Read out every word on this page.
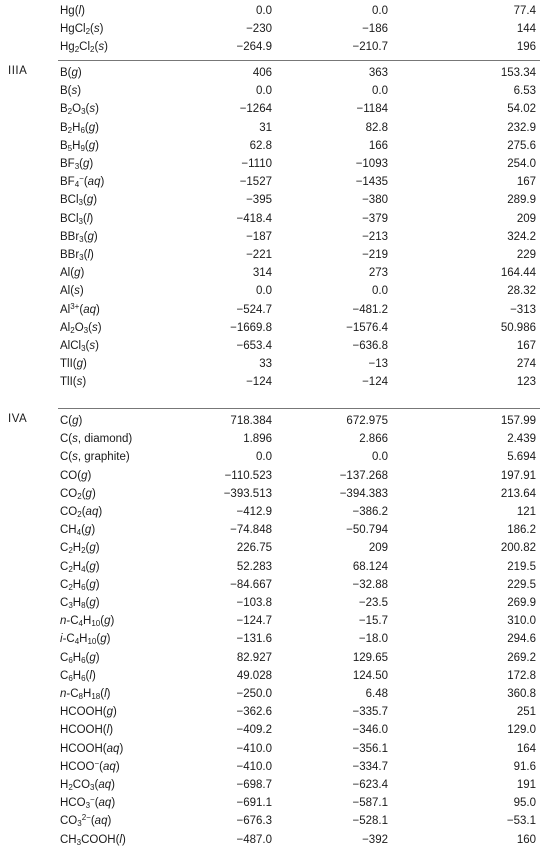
Hg(l)	0.0	0.0	77.4
HgCl$_2$(s)	−230	−186	144
$Hg_2Cl_2(s)$	−264.9	−210.7	196
IIIA	B(g)	406	363	153.34
B(s)	0.0	0.0	6.53
$B_2O_3(s)$	−1264	−1184	54.02
$B_2H_6(g)$	31	82.8	232.9
$B_5H_9(g)$	62.8	166	275.6
$BF_3(g)$	−1110	−1093	254.0
$BF_4^-(aq)$	−1527	−1435	167
BCl$_3$(g)	−395	−380	289.9
BCl$_3$(l)	−418.4	−379	209
BBr$_3$(g)	−187	−213	324.2
BBr$_3$(l)	−221	−219	229
Al(g)	314	273	164.44
Al(s)	0.0	0.0	28.32
$Al^{3+}(aq)$	−524.7	−481.2	−313
$Al_2O_3(s)$	−1669.8	−1576.4	50.986
AlCl$_3$(s)	−653.4	−636.8	167
TlI(g)	33	−13	274
TlI(s)	−124	−124	123
IVA	C(g)	718.384	672.975	157.99
C(s, diamond)	1.896	2.866	2.439
C(s, graphite)	0.0	0.0	5.694
CO(g)	−110.523	−137.268	197.91
$CO_2(g)$	−393.513	−394.383	213.64
$CO_2(aq)$	−412.9	−386.2	121
$CH_4(g)$	−74.848	−50.794	186.2
$C_2H_2(g)$	226.75	209	200.82
$C_2H_4(g)$	52.283	68.124	219.5
$C_2H_6(g)$	−84.667	−32.88	229.5
$C_3H_8(g)$	−103.8	−23.5	269.9
$n-C_4H_{10}(g)$	−124.7	−15.7	310.0
$i-C_4H_{10}(g)$	−131.6	−18.0	294.6
$C_6H_6(g)$	82.927	129.65	269.2
$C_6H_6(l)$	49.028	124.50	172.8
$n-C_8H_{18}(l)$	−250.0	6.48	360.8
HCOOH(g)	−362.6	−335.7	251
HCOOH(l)	−409.2	−346.0	129.0
HCOOH(aq)	−410.0	−356.1	164
HCOO−(aq)	−410.0	−334.7	91.6
$H_2CO_3(aq)$	−698.7	−623.4	191
$HCO_3^-(aq)$	−691.1	−587.1	95.0
$CO_3^{2-}(aq)$	−676.3	−528.1	−53.1
$CH_3COOH(l)$	−487.0	−392	160
